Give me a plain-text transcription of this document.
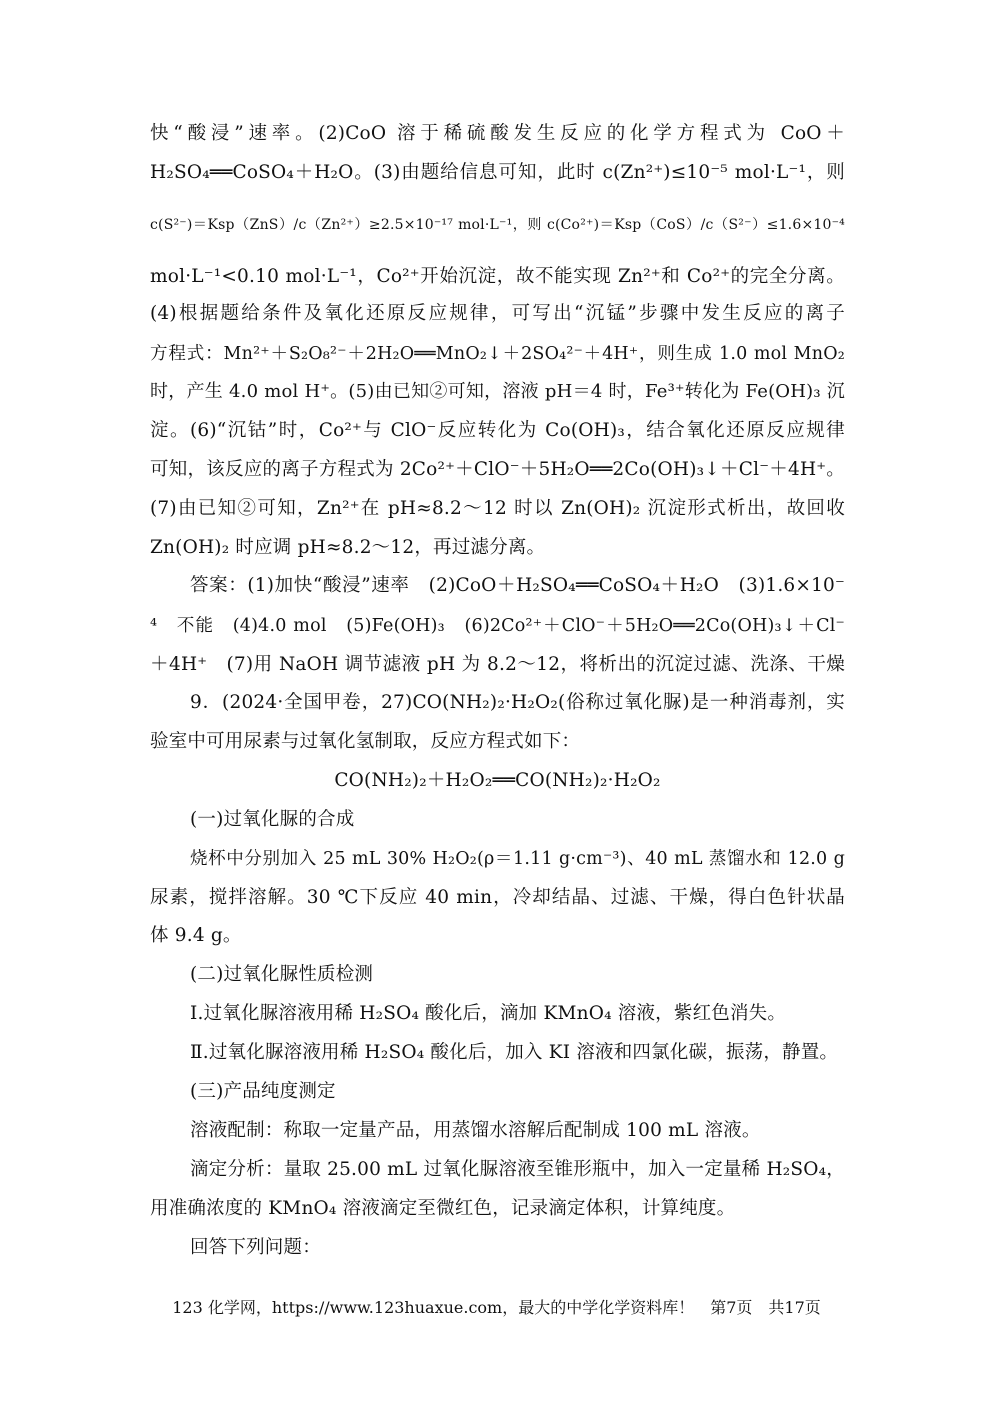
快“酸浸”速率。(2)CoO 溶于稀硫酸发生反应的化学方程式为 CoO＋
H₂SO₄══CoSO₄＋H₂O。(3)由题给信息可知，此时 c(Zn²⁺)≤10⁻⁵ mol·L⁻¹，则
c(S²⁻)＝Ksp（ZnS）/c（Zn²⁺）≥2.5×10⁻¹⁷ mol·L⁻¹，则 c(Co²⁺)＝Ksp（CoS）/c（S²⁻）≤1.6×10⁻⁴
mol·L⁻¹<0.10 mol·L⁻¹，Co²⁺开始沉淀，故不能实现 Zn²⁺和 Co²⁺的完全分离。
(4)根据题给条件及氧化还原反应规律，可写出“沉锰”步骤中发生反应的离子
方程式：Mn²⁺＋S₂O₈²⁻＋2H₂O══MnO₂↓＋2SO₄²⁻＋4H⁺，则生成 1.0 mol MnO₂
时，产生 4.0 mol H⁺。(5)由已知②可知，溶液 pH＝4 时，Fe³⁺转化为 Fe(OH)₃ 沉
淀。(6)“沉钴”时，Co²⁺与 ClO⁻反应转化为 Co(OH)₃，结合氧化还原反应规律
可知，该反应的离子方程式为 2Co²⁺＋ClO⁻＋5H₂O══2Co(OH)₃↓＋Cl⁻＋4H⁺。
(7)由已知②可知，Zn²⁺在 pH≈8.2～12 时以 Zn(OH)₂ 沉淀形式析出，故回收
Zn(OH)₂ 时应调 pH≈8.2～12，再过滤分离。
答案：(1)加快“酸浸”速率　(2)CoO＋H₂SO₄══CoSO₄＋H₂O　(3)1.6×10⁻
⁴　不能　(4)4.0 mol　(5)Fe(OH)₃　(6)2Co²⁺＋ClO⁻＋5H₂O══2Co(OH)₃↓＋Cl⁻
＋4H⁺　(7)用 NaOH 调节滤液 pH 为 8.2～12，将析出的沉淀过滤、洗涤、干燥
9．(2024·全国甲卷，27)CO(NH₂)₂·H₂O₂(俗称过氧化脲)是一种消毒剂，实
验室中可用尿素与过氧化氢制取，反应方程式如下：
CO(NH₂)₂＋H₂O₂══CO(NH₂)₂·H₂O₂
(一)过氧化脲的合成
烧杯中分别加入 25 mL 30% H₂O₂(ρ＝1.11 g·cm⁻³)、40 mL 蒸馏水和 12.0 g
尿素，搅拌溶解。30 ℃下反应 40 min，冷却结晶、过滤、干燥，得白色针状晶
体 9.4 g。
(二)过氧化脲性质检测
Ⅰ.过氧化脲溶液用稀 H₂SO₄ 酸化后，滴加 KMnO₄ 溶液，紫红色消失。
Ⅱ.过氧化脲溶液用稀 H₂SO₄ 酸化后，加入 KI 溶液和四氯化碳，振荡，静置。
(三)产品纯度测定
溶液配制：称取一定量产品，用蒸馏水溶解后配制成 100 mL 溶液。
滴定分析：量取 25.00 mL 过氧化脲溶液至锥形瓶中，加入一定量稀 H₂SO₄，
用准确浓度的 KMnO₄ 溶液滴定至微红色，记录滴定体积，计算纯度。
回答下列问题：
123 化学网，https://www.123huaxue.com，最大的中学化学资料库！　第7页　共17页
